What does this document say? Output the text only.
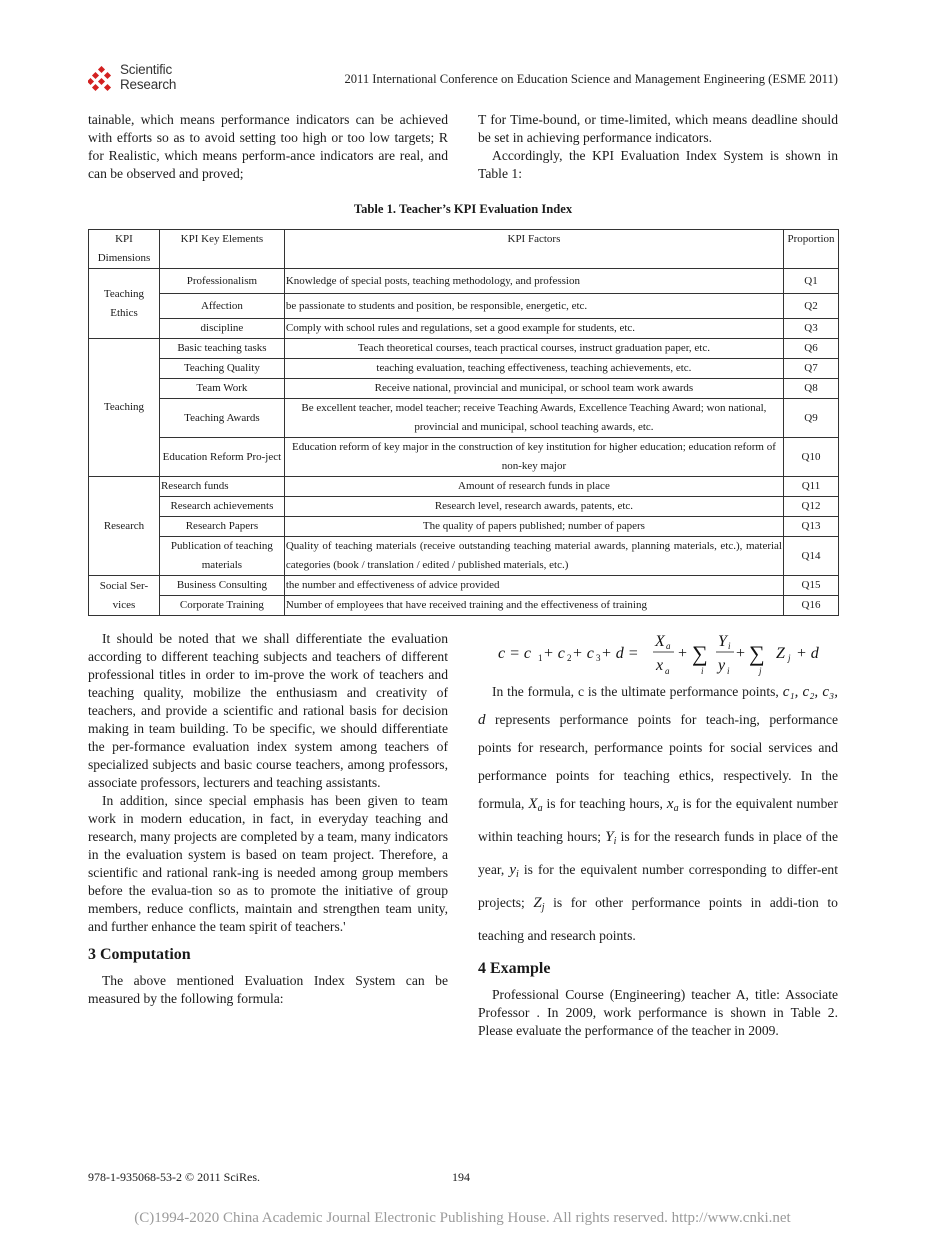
Scientific
Research	2011 International Conference on Education Science and Management Engineering (ESME 2011)

tainable, which means performance indicators can be achieved with efforts so as to avoid setting too high or too low targets; R for Realistic, which means perform-ance indicators are real, and can be observed and proved;

T for Time-bound, or time-limited, which means deadline should be set in achieving performance indicators.

Accordingly, the KPI Evaluation Index System is shown in Table 1:

Table 1. Teacher’s KPI Evaluation Index
KPI Dimensions	KPI Key Elements	KPI Factors	Proportion
Teaching Ethics	Professionalism	Knowledge of special posts, teaching methodology, and profession	Q1
	Affection	be passionate to students and position, be responsible, energetic, etc.	Q2
	discipline	Comply with school rules and regulations, set a good example for students, etc.	Q3
Teaching	Basic teaching tasks	Teach theoretical courses, teach practical courses, instruct graduation paper, etc.	Q6
	Teaching Quality	teaching evaluation, teaching effectiveness, teaching achievements, etc.	Q7
	Team Work	Receive national, provincial and municipal, or school team work awards	Q8
	Teaching Awards	Be excellent teacher, model teacher; receive Teaching Awards, Excellence Teaching Award; won national, provincial and municipal, school teaching awards, etc.	Q9
	Education Reform Pro-ject	Education reform of key major in the construction of key institution for higher education; education reform of non-key major	Q10
Research	Research funds	Amount of research funds in place	Q11
	Research achievements	Research level, research awards, patents, etc.	Q12
	Research Papers	The quality of papers published; number of papers	Q13
	Publication of teaching materials	Quality of teaching materials (receive outstanding teaching material awards, planning materials, etc.), material categories (book / translation / edited / published materials, etc.)	Q14
Social Ser-vices	Business Consulting	the number and effectiveness of advice provided	Q15
	Corporate Training	Number of employees that have received training and the effectiveness of training	Q16

It should be noted that we shall differentiate the evaluation according to different teaching subjects and teachers of different professional titles in order to im-prove the work of teachers and teaching quality, mobilize the enthusiasm and creativity of teachers, and provide a scientific and rational basis for decision making in team building. To be specific, we should differentiate the per-formance evaluation index system among teachers of specialized subjects and basic course teachers, among professors, associate professors, lecturers and teaching assistants.

In addition, since special emphasis has been given to team work in modern education, in fact, in everyday teaching and research, many projects are completed by a team, many indicators in the evaluation system is based on team project. Therefore, a scientific and rational rank-ing is needed among group members before the evalua-tion so as to promote the initiative of group members, reduce conflicts, maintain and strengthen team unity, and further enhance the team spirit of teachers.'

3 Computation

The above mentioned Evaluation Index System can be measured by the following formula:

c = c 1 + c 2 + c 3 + d =
X a
x a
+ ∑
i
Y i
y i
+ ∑
j
Z j + d

In the formula, c is the ultimate performance points, c₁, c₂, c₃, d represents performance points for teach-ing, performance points for research, performance points for social services and performance points for teaching ethics, respectively. In the formula, $X_a$ is for teaching hours, $x_a$ is for the equivalent number within teaching hours; $Y_i$ is for the research funds in place of the year, $y_i$ is for the equivalent number corresponding to differ-ent projects; $Z_j$ is for other performance points in addi-tion to teaching and research points.

4 Example

Professional Course (Engineering) teacher A, title: Associate Professor . In 2009, work performance is shown in Table 2. Please evaluate the performance of the teacher in 2009.

978-1-935068-53-2 © 2011 SciRes.	194
(C)1994-2020 China Academic Journal Electronic Publishing House. All rights reserved. http://www.cnki.net
